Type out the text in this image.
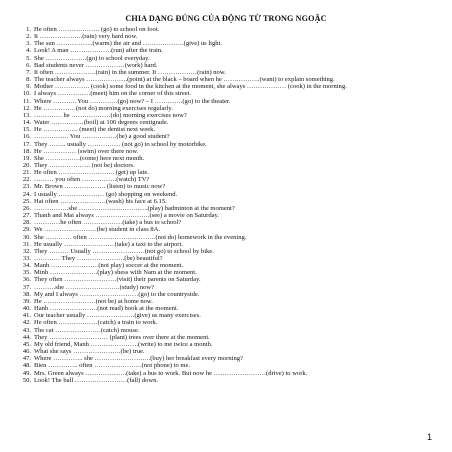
CHIA DẠNG ĐÚNG CỦA ĐỘNG TỪ TRONG NGOẶC
1. He often ………………. (go) to school on foot.
2. It ………………..(rain) very hard now.
3. The sun ……………..(warm) the air and ……………….(give) us light.
4. Look! A man ……………….(run) after the train.
5. She ……………….(go) to school everyday.
6. Bad students never ………………(work) hard.
7. It often ……………….(rain) in the summer. It ………………(rain) now.
8. The teacher always ……………….(point) at the black – board when he ……………..(want) to explain something.
9. Mother ……………. (cook) some food in the kitchen at the moment, she always ……………… (cook) in the morning.
10. I always ……………(meet) him on the corner of this street.
11. Where ……….. You ………….(go) now? – I ………….(go) to the theater.
12. He ……………(not do) morning exercises regularly.
13. …………. he ………………(do) morning exercises now?
14. Water ……………(boil) at 100 degrees centigrade.
15. He ……………. (meet) the dentist next week.
16. ……………. You …………….(be) a good student?
17. They …….. usually …………… (not go) to school by motorbike.
18. He …………… (swim) over there now.
19. She …………….(come) here next month.
20. They ………………. (not be) doctors.
21. He often …………………….. (get) up late.
22. ……… you often …………….(watch) TV?
23. Mr. Brown ………………. (listen) to music now?
24. I usually ………………… (go) shopping on weekend.
25. Hai often …………………(wash) his face at 6.15.
26. …………….she …………………………..(play) badminton at the moment?
27. Thanh and Mai always …………………….(see) a movie on Saturday.
28. …………he often ………………(take) a bus to school?
29. We ……………………(be) student in class 8A.
30. She ………… often ………………………….(not do) homework in the evening.
31. He usually ………………….. (take) a taxi to the airport.
32. They ……… Usually ……………………(not go) to school by bike.
33. ………… They ………………….(be) beautiful?
34. Manh ………………….(not play) soccer at the moment.
35. Minh ………………….(play) shess with Nam at the moment.
36. They often ……………………(visit) their parents on Saturday.
37. ……….she …………………….(study) now?
38. My and I always ………………………(go) to the countryside.
39. He ……………………(not be) at home now.
40. Hanh ………………….(not read) book at the moment.
41. Our teacher usually ………………….(give) us many exercises.
42. He often ………………(catch) a train to work.
43. The cat …………………(catch) mouse.
44. They ……………………… (plant) trees over there at the moment.
45. My old friend, Manh ………………….(write) to me twice a month.
46. What she says ………………….(be) true.
47. Where ………….. she ……………………..(buy) her breakfast every morning?
48. Bien ………….. often ………………….(not phone) to me.
49. Mrs. Green always ……………….(take) a bus to work. But now he ……………………(drive) to work.
50. Look! The ball ……………………(fall) down.
1
